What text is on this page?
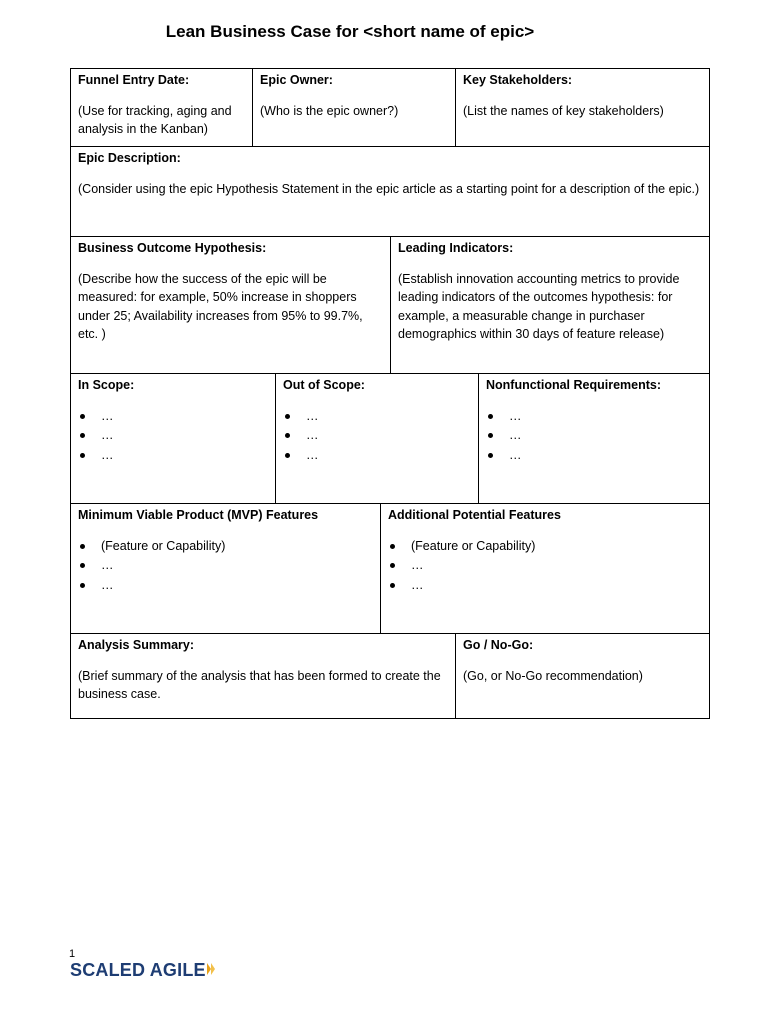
Lean Business Case for <short name of epic>
Funnel Entry Date:
(Use for tracking, aging and analysis in the Kanban)
Epic Owner:
(Who is the epic owner?)
Key Stakeholders:
(List the names of key stakeholders)
Epic Description:
(Consider using the epic Hypothesis Statement in the epic article as a starting point for a description of the epic.)
Business Outcome Hypothesis:
(Describe how the success of the epic will be measured: for example, 50% increase in shoppers under 25; Availability increases from 95% to 99.7%, etc. )
Leading Indicators:
(Establish innovation accounting metrics to provide leading indicators of the outcomes hypothesis: for example, a measurable change in purchaser demographics within 30 days of feature release)
In Scope:
…
…
…
Out of Scope:
…
…
…
Nonfunctional Requirements:
…
…
…
Minimum Viable Product (MVP) Features
(Feature or Capability)
…
…
Additional Potential Features
(Feature or Capability)
…
…
Analysis Summary:
(Brief summary of the analysis that has been formed to create the business case.
Go / No-Go:
(Go, or No-Go recommendation)
1
SCALED AGILE
